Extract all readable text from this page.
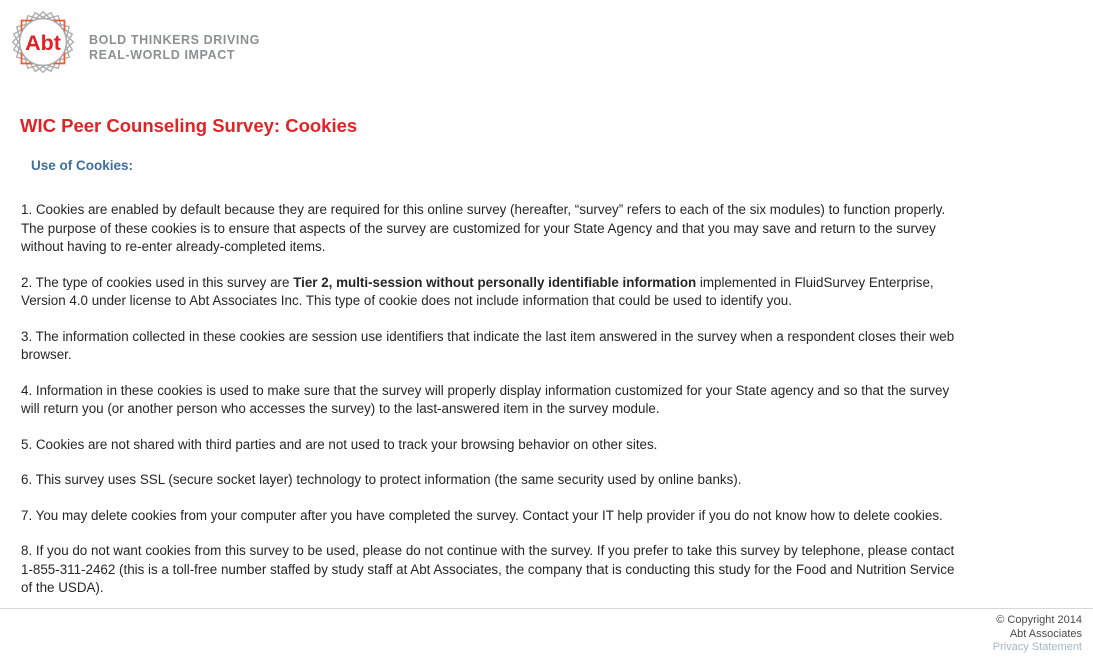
Abt BOLD THINKERS DRIVING
REAL-WORLD IMPACT
WIC Peer Counseling Survey: Cookies
Use of Cookies:

1. Cookies are enabled by default because they are required for this online survey (hereafter, “survey” refers to each of the six modules) to function properly. The purpose of these cookies is to ensure that aspects of the survey are customized for your State Agency and that you may save and return to the survey without having to re-enter already-completed items.

2. The type of cookies used in this survey are Tier 2, multi-session without personally identifiable information implemented in FluidSurvey Enterprise, Version 4.0 under license to Abt Associates Inc. This type of cookie does not include information that could be used to identify you.

3. The information collected in these cookies are session use identifiers that indicate the last item answered in the survey when a respondent closes their web browser.

4. Information in these cookies is used to make sure that the survey will properly display information customized for your State agency and so that the survey will return you (or another person who accesses the survey) to the last-answered item in the survey module.

5. Cookies are not shared with third parties and are not used to track your browsing behavior on other sites.

6. This survey uses SSL (secure socket layer) technology to protect information (the same security used by online banks).

7. You may delete cookies from your computer after you have completed the survey. Contact your IT help provider if you do not know how to delete cookies.

8. If you do not want cookies from this survey to be used, please do not continue with the survey. If you prefer to take this survey by telephone, please contact 1-855-311-2462 (this is a toll-free number staffed by study staff at Abt Associates, the company that is conducting this study for the Food and Nutrition Service of the USDA).

© Copyright 2014
Abt Associates
Privacy Statement
